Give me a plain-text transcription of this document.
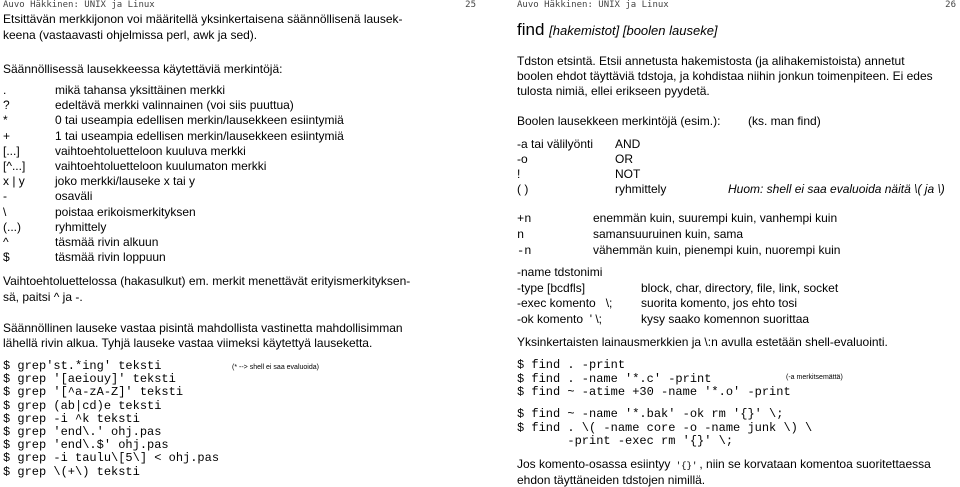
Auvo Häkkinen: UNIX ja Linux	25
Etsittävän merkkijonon voi määritellä yksinkertaisena säännöllisenä lausek-
keena (vastaavasti ohjelmissa perl, awk ja sed).
Säännöllisessä lausekkeessa käytettäviä merkintöjä:
.	mikä tahansa yksittäinen merkki
?	edeltävä merkki valinnainen (voi siis puuttua)
*	0 tai useampia edellisen merkin/lausekkeen esiintymiä
+	1 tai useampia edellisen merkin/lausekkeen esiintymiä
[...]	vaihtoehtoluetteloon kuuluva merkki
[^...] vaihtoehtoluetteloon kuulumaton merkki
x | y	joko merkki/lauseke x tai y
-	osaväli
\	poistaa erikoismerkityksen
(...)	ryhmittely
^	täsmää rivin alkuun
$	täsmää rivin loppuun
Vaihtoehtoluettelossa (hakasulkut) em. merkit menettävät erityismerkityksen-
sä, paitsi ^ ja -.
Säännöllinen lauseke vastaa pisintä mahdollista vastinetta mahdollisimman
lähellä rivin alkua. Tyhjä lauseke vastaa viimeksi käytettyä lauseketta.
$ grep'st.*ing' teksti
$ grep '[aeiouy]' teksti
$ grep '[^a-zA-Z]' teksti
$ grep (ab|cd)e teksti
$ grep -i ^k teksti
$ grep 'end\.' ohj.pas
$ grep 'end\.$' ohj.pas
$ grep -i taulu\[5\] < ohj.pas
$ grep \(+\) teksti
(* --> shell ei saa evaluoida)
Auvo Häkkinen: UNIX ja Linux	26
find [hakemistot] [boolen lauseke]
Tdston etsintä. Etsii annetusta hakemistosta (ja alihakemistoista) annetut
boolen ehdot täyttäviä tdstoja, ja kohdistaa niihin jonkun toimenpiteen. Ei edes
tulosta nimiä, ellei erikseen pyydetä.
Boolen lausekkeen merkintöjä (esim.): (ks. man find)
-a tai välilyönti AND
-o	OR
!	NOT
( )	ryhmittely	Huom: shell ei saa evaluoida näitä \( ja \)
+n	enemmän kuin, suurempi kuin, vanhempi kuin
n	samansuuruinen kuin, sama
-n	vähemmän kuin, pienempi kuin, nuorempi kuin
-name tdstonimi
-type [bcdfls]	block, char, directory, file, link, socket
-exec komento   \; suorita komento, jos ehto tosi
-ok komento  ' \;	kysy saako komennon suorittaa
Yksinkertaisten lainausmerkkien ja \:n avulla estetään shell-evaluointi.
$ find . -print
$ find . -name '*.c' -print
$ find ~ -atime +30 -name '*.o' -print
(-a merkitsemättä)
$ find ~ -name '*.bak' -ok rm '{}' \;
$ find . \( -name core -o -name junk \) \
-print -exec rm '{}' \;
Jos komento-osassa esiintyy '{}' , niin se korvataan komentoa suoritettaessa
ehdon täyttäneiden tdstojen nimillä.
